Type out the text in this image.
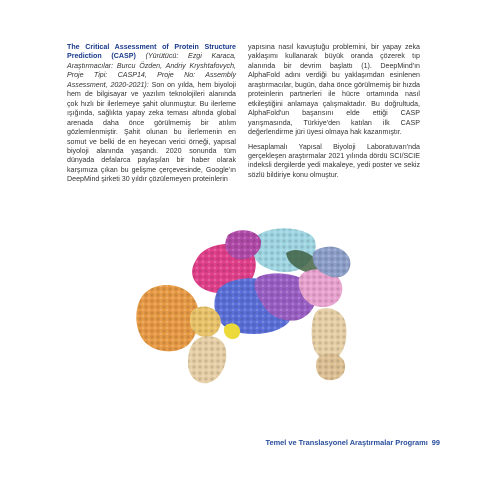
The Critical Assessment of Protein Structure Prediction (CASP) (Yürütücü: Ezgi Karaca, Araştırmacılar: Burcu Özden, Andriy Kryshtafovych, Proje Tipi: CASP14, Proje No: Assembly Assessment, 2020-2021): Son on yılda, hem biyoloji hem de bilgisayar ve yazılım teknolojileri alanında çok hızlı bir ilerlemeye şahit olunmuştur. Bu ilerleme ışığında, sağlıkta yapay zeka teması altında global arenada daha önce görülmemiş bir atılım gözlemlenmiştir. Şahit olunan bu ilerlemenin en somut ve belki de en heyecan verici örneği, yapısal biyoloji alanında yaşandı. 2020 sonunda tüm dünyada defalarca paylaşılan bir haber olarak karşımıza çıkan bu gelişme çerçevesinde, Google'ın DeepMind şirketi 30 yıldır çözülemeyen proteinlerin

yapısına nasıl kavuştuğu problemini, bir yapay zeka yaklaşımı kullanarak büyük oranda çözerek tıp alanında bir devrim başlattı (1). DeepMind'ın AlphaFold adını verdiği bu yaklaşımdan esinlenen araştırmacılar, bugün, daha önce görülmemiş bir hızda proteinlerin partnerleri ile hücre ortamında nasıl etkileştiğini anlamaya çalışmaktadır. Bu doğrultuda, AlphaFold'un başarısını elde ettiği CASP yarışmasında, Türkiye'den katılan ilk CASP değerlendirme jüri üyesi olmaya hak kazanmıştır.

Hesaplamalı Yapısal Biyoloji Laboratuvarı'nda gerçekleşen araştırmalar 2021 yılında dördü SCI/SCIE indeksli dergilerde yedi makaleye, yedi poster ve sekiz sözlü bildiriye konu olmuştur.

Temel ve Translasyonel Araştırmalar Programı 99
